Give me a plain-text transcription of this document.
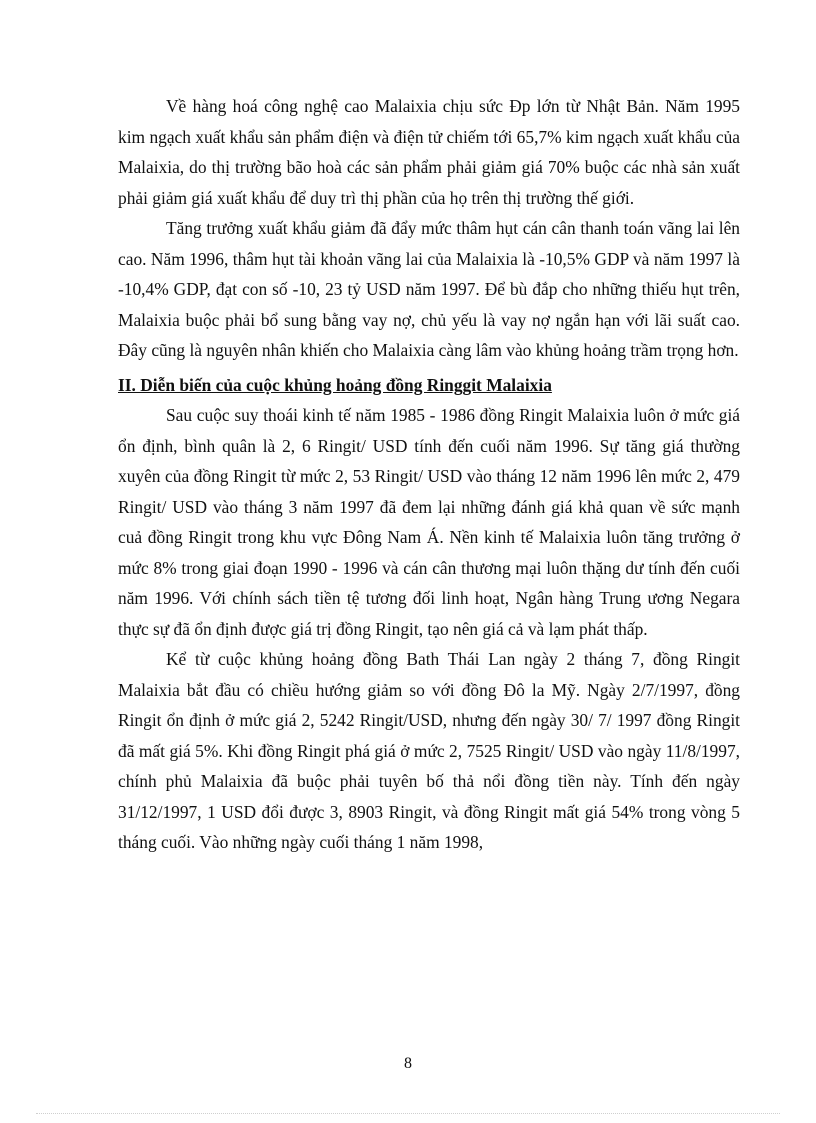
Về hàng hoá công nghệ cao Malaixia chịu sức Ðp lớn từ Nhật Bản. Năm 1995 kim ngạch xuất khẩu sản phẩm điện và điện tử chiếm tới 65,7% kim ngạch xuất khẩu của Malaixia, do thị trường bão hoà các sản phẩm phải giảm giá 70% buộc các nhà sản xuất phải giảm giá xuất khẩu để duy trì thị phần của họ trên thị trường thế giới.

Tăng trưởng xuất khẩu giảm đã đẩy mức thâm hụt cán cân thanh toán vãng lai lên cao. Năm 1996, thâm hụt tài khoản vãng lai của Malaixia là -10,5% GDP và năm 1997 là -10,4% GDP, đạt con số -10, 23 tỷ USD năm 1997. Để bù đắp cho những thiếu hụt trên, Malaixia buộc phải bổ sung bằng vay nợ, chủ yếu là vay nợ ngắn hạn với lãi suất cao. Đây cũng là nguyên nhân khiến cho Malaixia càng lâm vào khủng hoảng trầm trọng hơn.

II. Diễn biến của cuộc khủng hoảng đồng Ringgit Malaixia

Sau cuộc suy thoái kinh tế năm 1985 - 1986 đồng Ringit Malaixia luôn ở mức giá ổn định, bình quân là 2, 6 Ringit/ USD tính đến cuối năm 1996. Sự tăng giá thường xuyên của đồng Ringit từ mức 2, 53 Ringit/ USD vào tháng 12 năm 1996 lên mức 2, 479 Ringit/ USD vào tháng 3 năm 1997 đã đem lại những đánh giá khả quan về sức mạnh cuả đồng Ringit trong khu vực Đông Nam Á. Nền kinh tế Malaixia luôn tăng trưởng ở mức 8% trong giai đoạn 1990 - 1996 và cán cân thương mại luôn thặng dư tính đến cuối năm 1996. Với chính sách tiền tệ tương đối linh hoạt, Ngân hàng Trung ương Negara thực sự đã ổn định được giá trị đồng Ringit, tạo nên giá cả và lạm phát thấp.

Kể từ cuộc khủng hoảng đồng Bath Thái Lan ngày 2 tháng 7, đồng Ringit Malaixia bắt đầu có chiều hướng giảm so với đồng Đô la Mỹ. Ngày 2/7/1997, đồng Ringit ổn định ở mức giá 2, 5242 Ringit/USD, nhưng đến ngày 30/ 7/ 1997 đồng Ringit đã mất giá 5%. Khi đồng Ringit phá giá ở mức 2, 7525 Ringit/ USD vào ngày 11/8/1997, chính phủ Malaixia đã buộc phải tuyên bố thả nổi đồng tiền này. Tính đến ngày 31/12/1997, 1 USD đổi được 3, 8903 Ringit, và đồng Ringit mất giá 54% trong vòng 5 tháng cuối. Vào những ngày cuối tháng 1 năm 1998,

8
